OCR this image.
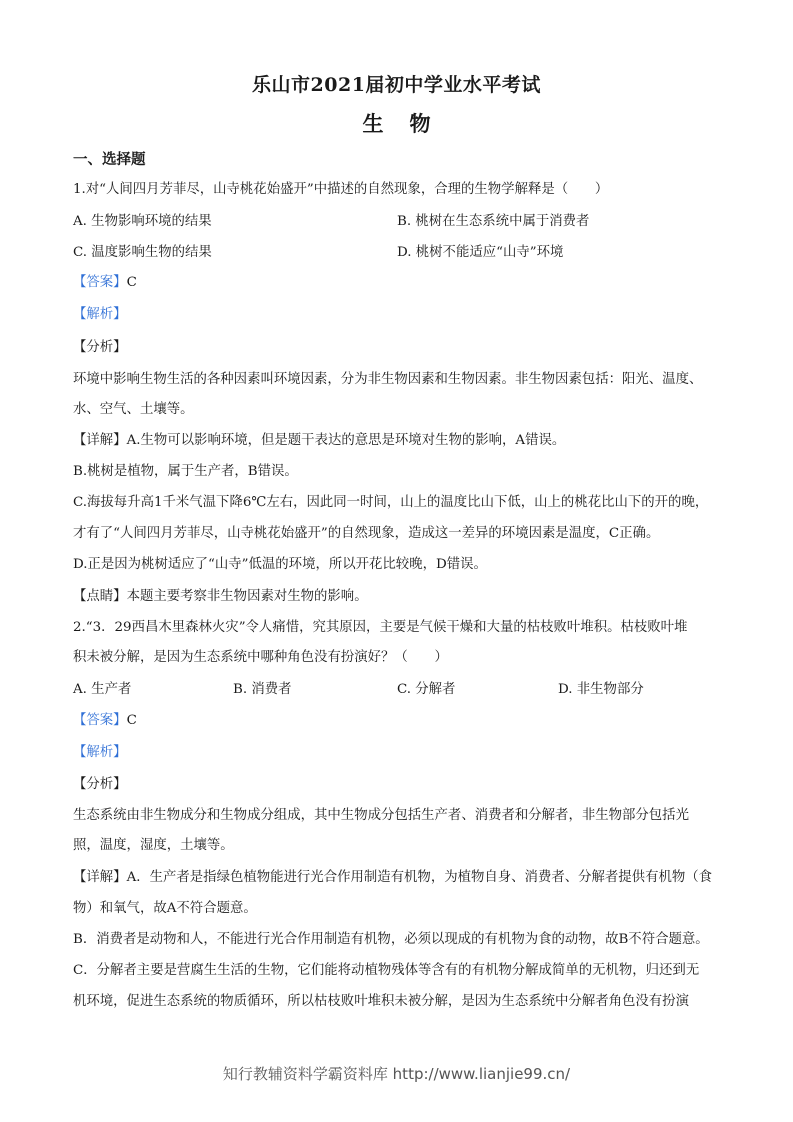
乐山市2021届初中学业水平考试
生物
一、选择题
1.对“人间四月芳菲尽，山寺桃花始盛开”中描述的自然现象，合理的生物学解释是（　　）
A. 生物影响环境的结果	B. 桃树在生态系统中属于消费者
C. 温度影响生物的结果	D. 桃树不能适应“山寺”环境
【答案】C
【解析】
【分析】
环境中影响生物生活的各种因素叫环境因素，分为非生物因素和生物因素。非生物因素包括：阳光、温度、
水、空气、土壤等。
【详解】A.生物可以影响环境，但是题干表达的意思是环境对生物的影响，A错误。
B.桃树是植物，属于生产者，B错误。
C.海拔每升高1千米气温下降6℃左右，因此同一时间，山上的温度比山下低，山上的桃花比山下的开的晚，
才有了“人间四月芳菲尽，山寺桃花始盛开”的自然现象，造成这一差异的环境因素是温度，C正确。
D.正是因为桃树适应了“山寺”低温的环境，所以开花比较晚，D错误。
【点睛】本题主要考察非生物因素对生物的影响。
2.“3．29西昌木里森林火灾”令人痛惜，究其原因，主要是气候干燥和大量的枯枝败叶堆积。枯枝败叶堆
积未被分解，是因为生态系统中哪种角色没有扮演好？（　　）
A. 生产者	B. 消费者	C. 分解者	D. 非生物部分
【答案】C
【解析】
【分析】
生态系统由非生物成分和生物成分组成，其中生物成分包括生产者、消费者和分解者，非生物部分包括光
照，温度，湿度，土壤等。
【详解】A．生产者是指绿色植物能进行光合作用制造有机物，为植物自身、消费者、分解者提供有机物（食
物）和氧气，故A不符合题意。
B．消费者是动物和人，不能进行光合作用制造有机物，必须以现成的有机物为食的动物，故B不符合题意。
C．分解者主要是营腐生生活的生物，它们能将动植物残体等含有的有机物分解成简单的无机物，归还到无
机环境，促进生态系统的物质循环，所以枯枝败叶堆积未被分解，是因为生态系统中分解者角色没有扮演
知行教辅资料学霸资料库 http://www.lianjie99.cn/
